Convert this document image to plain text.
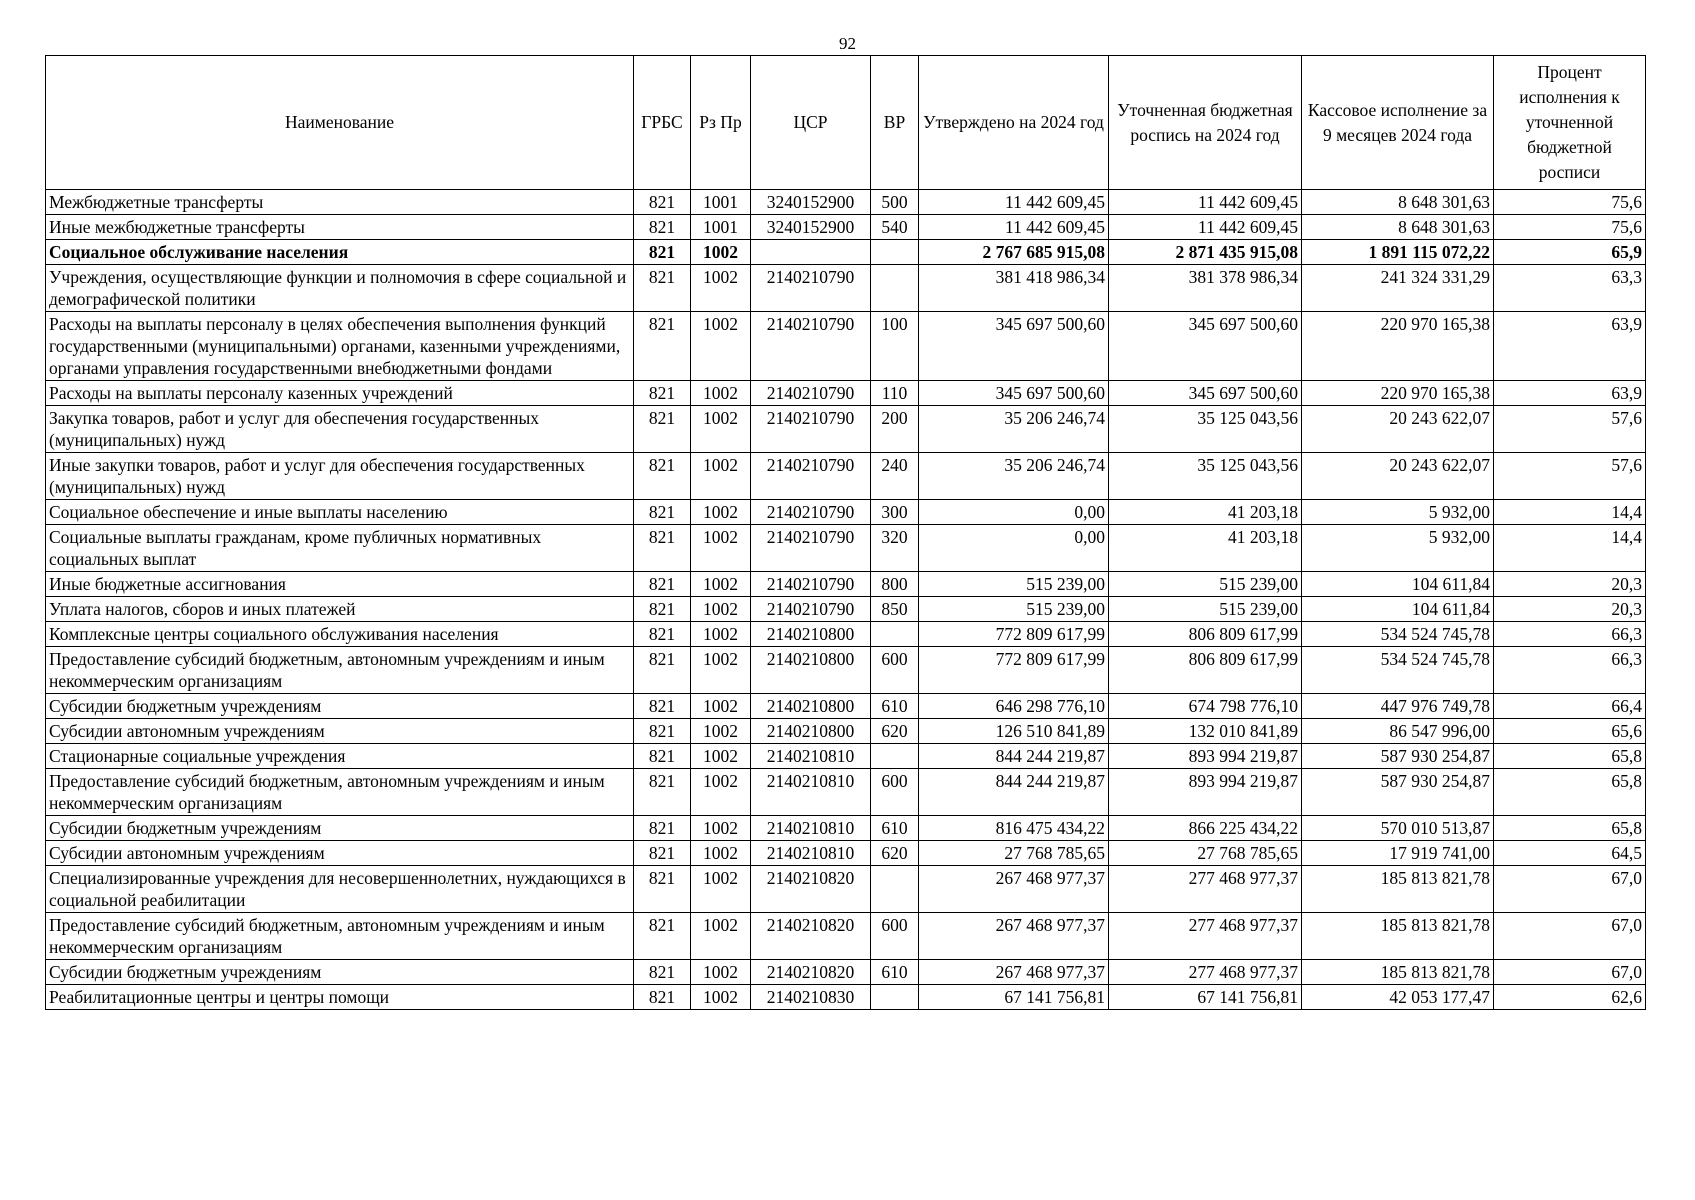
92
Наименование	ГРБС	Рз Пр	ЦСР	ВР	Утверждено на 2024 год	Уточненная бюджетная роспись на 2024 год	Кассовое исполнение за 9 месяцев 2024 года	Процент исполнения к уточненной бюджетной росписи
Межбюджетные трансферты	821	1001	3240152900	500	11 442 609,45	11 442 609,45	8 648 301,63	75,6
Иные межбюджетные трансферты	821	1001	3240152900	540	11 442 609,45	11 442 609,45	8 648 301,63	75,6
Социальное обслуживание населения	821	1002			2 767 685 915,08	2 871 435 915,08	1 891 115 072,22	65,9
Учреждения, осуществляющие функции и полномочия в сфере социальной и демографической политики	821	1002	2140210790		381 418 986,34	381 378 986,34	241 324 331,29	63,3
Расходы на выплаты персоналу в целях обеспечения выполнения функций государственными (муниципальными) органами, казенными учреждениями, органами управления государственными внебюджетными фондами	821	1002	2140210790	100	345 697 500,60	345 697 500,60	220 970 165,38	63,9
Расходы на выплаты персоналу казенных учреждений	821	1002	2140210790	110	345 697 500,60	345 697 500,60	220 970 165,38	63,9
Закупка товаров, работ и услуг для обеспечения государственных (муниципальных) нужд	821	1002	2140210790	200	35 206 246,74	35 125 043,56	20 243 622,07	57,6
Иные закупки товаров, работ и услуг для обеспечения государственных (муниципальных) нужд	821	1002	2140210790	240	35 206 246,74	35 125 043,56	20 243 622,07	57,6
Социальное обеспечение и иные выплаты населению	821	1002	2140210790	300	0,00	41 203,18	5 932,00	14,4
Социальные выплаты гражданам, кроме публичных нормативных социальных выплат	821	1002	2140210790	320	0,00	41 203,18	5 932,00	14,4
Иные бюджетные ассигнования	821	1002	2140210790	800	515 239,00	515 239,00	104 611,84	20,3
Уплата налогов, сборов и иных платежей	821	1002	2140210790	850	515 239,00	515 239,00	104 611,84	20,3
Комплексные центры социального обслуживания населения	821	1002	2140210800		772 809 617,99	806 809 617,99	534 524 745,78	66,3
Предоставление субсидий бюджетным, автономным учреждениям и иным некоммерческим организациям	821	1002	2140210800	600	772 809 617,99	806 809 617,99	534 524 745,78	66,3
Субсидии бюджетным учреждениям	821	1002	2140210800	610	646 298 776,10	674 798 776,10	447 976 749,78	66,4
Субсидии автономным учреждениям	821	1002	2140210800	620	126 510 841,89	132 010 841,89	86 547 996,00	65,6
Стационарные социальные учреждения	821	1002	2140210810		844 244 219,87	893 994 219,87	587 930 254,87	65,8
Предоставление субсидий бюджетным, автономным учреждениям и иным некоммерческим организациям	821	1002	2140210810	600	844 244 219,87	893 994 219,87	587 930 254,87	65,8
Субсидии бюджетным учреждениям	821	1002	2140210810	610	816 475 434,22	866 225 434,22	570 010 513,87	65,8
Субсидии автономным учреждениям	821	1002	2140210810	620	27 768 785,65	27 768 785,65	17 919 741,00	64,5
Специализированные учреждения для несовершеннолетних, нуждающихся в социальной реабилитации	821	1002	2140210820		267 468 977,37	277 468 977,37	185 813 821,78	67,0
Предоставление субсидий бюджетным, автономным учреждениям и иным некоммерческим организациям	821	1002	2140210820	600	267 468 977,37	277 468 977,37	185 813 821,78	67,0
Субсидии бюджетным учреждениям	821	1002	2140210820	610	267 468 977,37	277 468 977,37	185 813 821,78	67,0
Реабилитационные центры и центры помощи	821	1002	2140210830		67 141 756,81	67 141 756,81	42 053 177,47	62,6
